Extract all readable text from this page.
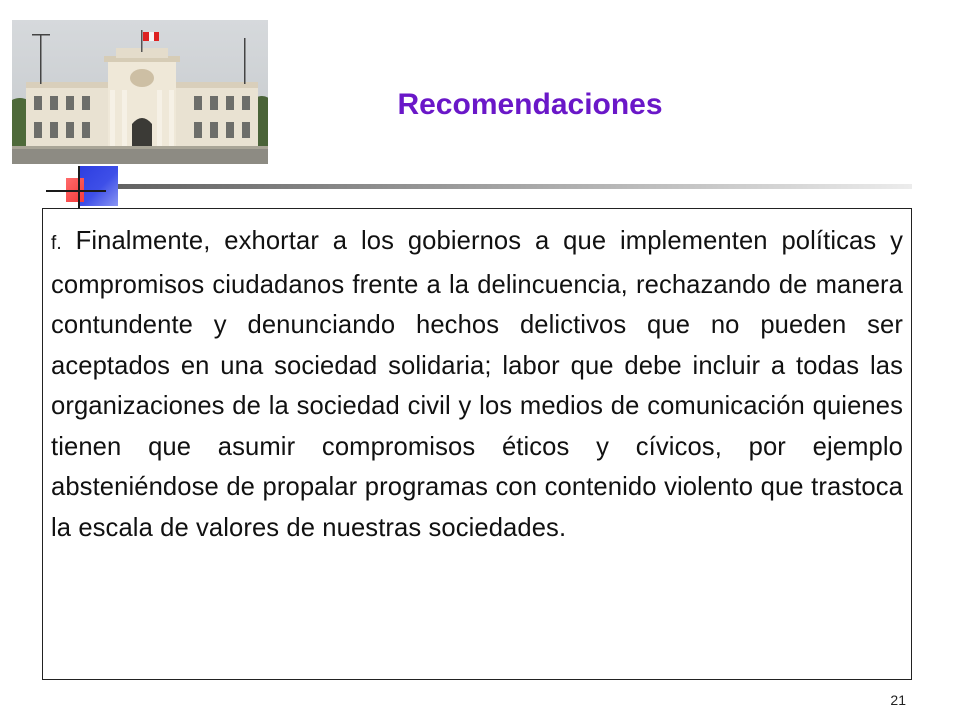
Recomendaciones

f. Finalmente, exhortar a los gobiernos a que implementen políticas y compromisos ciudadanos frente a la delincuencia, rechazando de manera contundente y denunciando hechos delictivos que no pueden ser aceptados en una sociedad solidaria; labor que debe incluir a todas las organizaciones de la sociedad civil y los medios de comunicación quienes tienen que asumir compromisos éticos y cívicos, por ejemplo absteniéndose de propalar programas con contenido violento que trastoca la escala de valores de nuestras sociedades.

21
